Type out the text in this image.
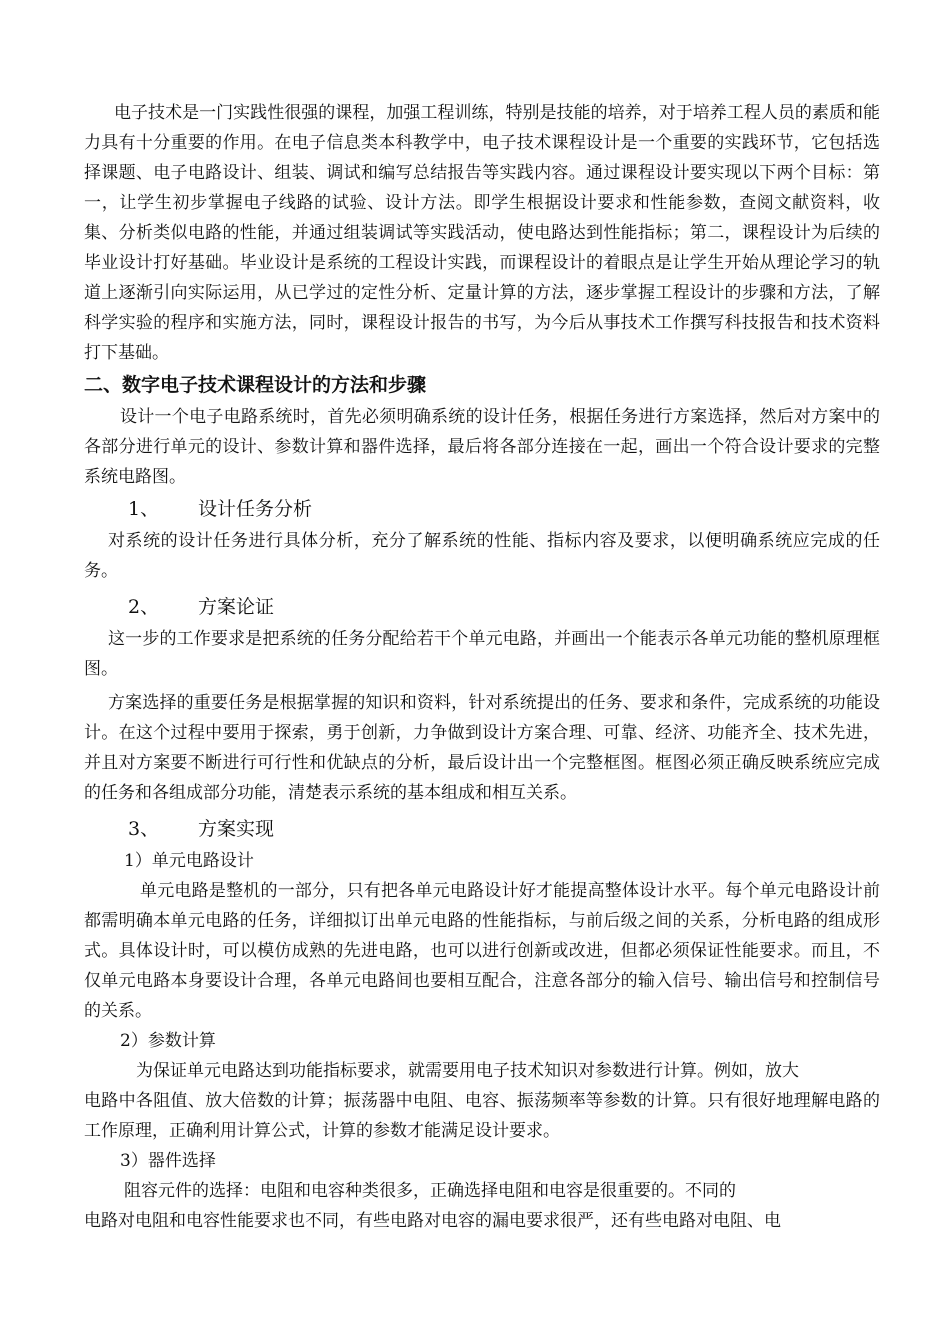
电子技术是一门实践性很强的课程，加强工程训练，特别是技能的培养，对于培养工程人员的素质和能力具有十分重要的作用。在电子信息类本科教学中，电子技术课程设计是一个重要的实践环节，它包括选择课题、电子电路设计、组装、调试和编写总结报告等实践内容。通过课程设计要实现以下两个目标：第一，让学生初步掌握电子线路的试验、设计方法。即学生根据设计要求和性能参数，查阅文献资料，收集、分析类似电路的性能，并通过组装调试等实践活动，使电路达到性能指标；第二，课程设计为后续的毕业设计打好基础。毕业设计是系统的工程设计实践，而课程设计的着眼点是让学生开始从理论学习的轨道上逐渐引向实际运用，从已学过的定性分析、定量计算的方法，逐步掌握工程设计的步骤和方法，了解科学实验的程序和实施方法，同时，课程设计报告的书写，为今后从事技术工作撰写科技报告和技术资料打下基础。

二、数字电子技术课程设计的方法和步骤

设计一个电子电路系统时，首先必须明确系统的设计任务，根据任务进行方案选择，然后对方案中的各部分进行单元的设计、参数计算和器件选择，最后将各部分连接在一起，画出一个符合设计要求的完整系统电路图。

1、	设计任务分析

对系统的设计任务进行具体分析，充分了解系统的性能、指标内容及要求，以便明确系统应完成的任务。

2、	方案论证

这一步的工作要求是把系统的任务分配给若干个单元电路，并画出一个能表示各单元功能的整机原理框图。

方案选择的重要任务是根据掌握的知识和资料，针对系统提出的任务、要求和条件，完成系统的功能设计。在这个过程中要用于探索，勇于创新，力争做到设计方案合理、可靠、经济、功能齐全、技术先进，并且对方案要不断进行可行性和优缺点的分析，最后设计出一个完整框图。框图必须正确反映系统应完成的任务和各组成部分功能，清楚表示系统的基本组成和相互关系。

3、	方案实现
1）单元电路设计

单元电路是整机的一部分，只有把各单元电路设计好才能提高整体设计水平。每个单元电路设计前都需明确本单元电路的任务，详细拟订出单元电路的性能指标，与前后级之间的关系，分析电路的组成形式。具体设计时，可以模仿成熟的先进电路，也可以进行创新或改进，但都必须保证性能要求。而且，不仅单元电路本身要设计合理，各单元电路间也要相互配合，注意各部分的输入信号、输出信号和控制信号的关系。

2）参数计算

为保证单元电路达到功能指标要求，就需要用电子技术知识对参数进行计算。例如，放大

电路中各阻值、放大倍数的计算；振荡器中电阻、电容、振荡频率等参数的计算。只有很好地理解电路的工作原理，正确利用计算公式，计算的参数才能满足设计要求。

3）器件选择

阻容元件的选择：电阻和电容种类很多，正确选择电阻和电容是很重要的。不同的

电路对电阻和电容性能要求也不同，有些电路对电容的漏电要求很严，还有些电路对电阻、电
